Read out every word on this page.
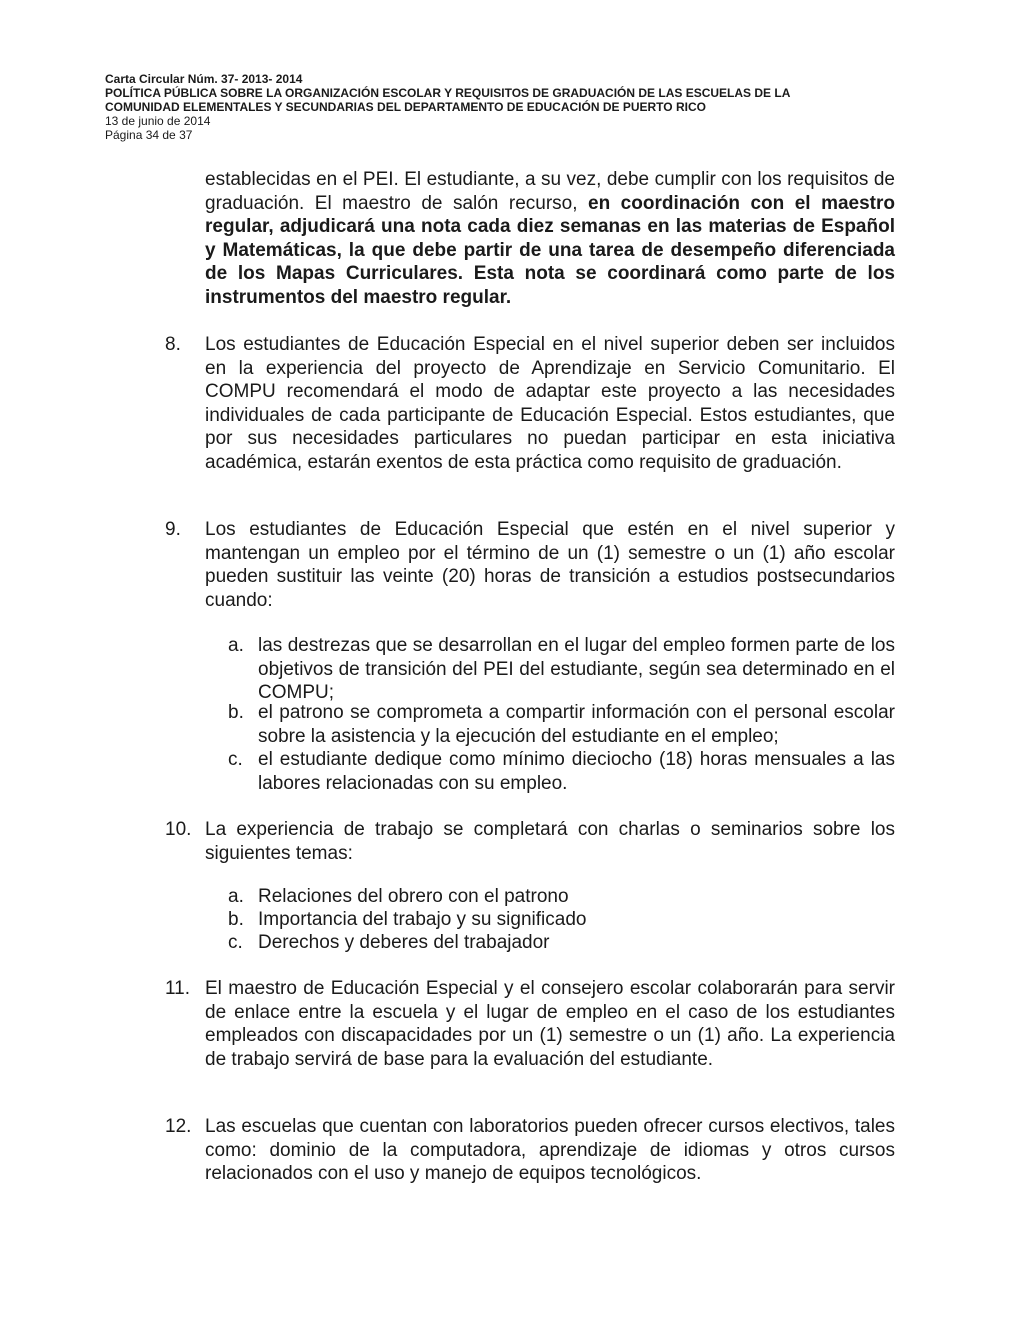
Carta Circular Núm. 37- 2013- 2014
POLÍTICA PÚBLICA SOBRE LA ORGANIZACIÓN ESCOLAR Y REQUISITOS DE GRADUACIÓN DE LAS ESCUELAS DE LA
COMUNIDAD ELEMENTALES Y SECUNDARIAS DEL DEPARTAMENTO DE EDUCACIÓN DE PUERTO RICO
13 de junio de 2014
Página 34 de 37

establecidas en el PEI. El estudiante, a su vez, debe cumplir con los requisitos de graduación. El maestro de salón recurso, en coordinación con el maestro regular, adjudicará una nota cada diez semanas en las materias de Español y Matemáticas, la que debe partir de una tarea de desempeño diferenciada de los Mapas Curriculares. Esta nota se coordinará como parte de los instrumentos del maestro regular.

8. Los estudiantes de Educación Especial en el nivel superior deben ser incluidos en la experiencia del proyecto de Aprendizaje en Servicio Comunitario. El COMPU recomendará el modo de adaptar este proyecto a las necesidades individuales de cada participante de Educación Especial. Estos estudiantes, que por sus necesidades particulares no puedan participar en esta iniciativa académica, estarán exentos de esta práctica como requisito de graduación.

9. Los estudiantes de Educación Especial que estén en el nivel superior y mantengan un empleo por el término de un (1) semestre o un (1) año escolar pueden sustituir las veinte (20) horas de transición a estudios postsecundarios cuando:

a. las destrezas que se desarrollan en el lugar del empleo formen parte de los objetivos de transición del PEI del estudiante, según sea determinado en el COMPU;

b. el patrono se comprometa a compartir información con el personal escolar sobre la asistencia y la ejecución del estudiante en el empleo;

c. el estudiante dedique como mínimo dieciocho (18) horas mensuales a las labores relacionadas con su empleo.

10. La experiencia de trabajo se completará con charlas o seminarios sobre los siguientes temas:

a. Relaciones del obrero con el patrono

b. Importancia del trabajo y su significado

c. Derechos y deberes del trabajador

11. El maestro de Educación Especial y el consejero escolar colaborarán para servir de enlace entre la escuela y el lugar de empleo en el caso de los estudiantes empleados con discapacidades por un (1) semestre o un (1) año. La experiencia de trabajo servirá de base para la evaluación del estudiante.

12. Las escuelas que cuentan con laboratorios pueden ofrecer cursos electivos, tales como: dominio de la computadora, aprendizaje de idiomas y otros cursos relacionados con el uso y manejo de equipos tecnológicos.
